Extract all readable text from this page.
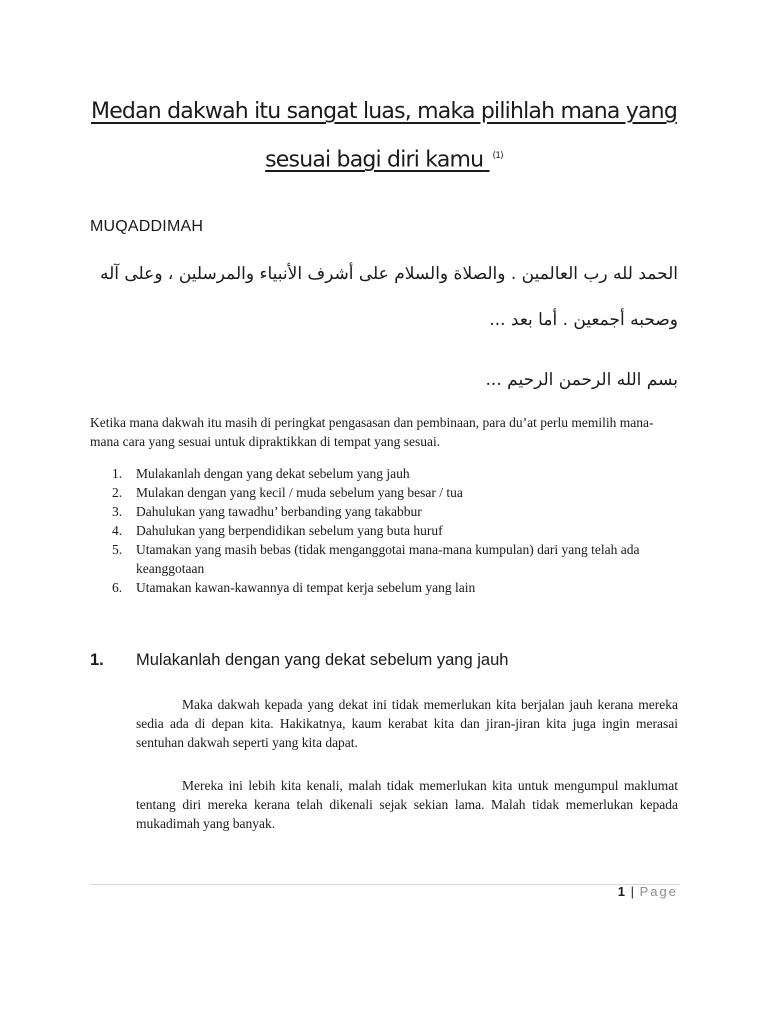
Medan dakwah itu sangat luas, maka pilihlah mana yang
sesuai bagi diri kamu (1)
MUQADDIMAH

الحمد لله رب العالمين . والصلاة والسلام على أشرف الأنبياء والمرسلين ، وعلى آله

وصحبه أجمعين . أما بعد ...

بسم الله الرحمن الرحيم ...

Ketika mana dakwah itu masih di peringkat pengasasan dan pembinaan, para du’at perlu memilih mana-mana cara yang sesuai untuk dipraktikkan di tempat yang sesuai.

1. Mulakanlah dengan yang dekat sebelum yang jauh
2. Mulakan dengan yang kecil / muda sebelum yang besar / tua
3. Dahulukan yang tawadhu’ berbanding yang takabbur
4. Dahulukan yang berpendidikan sebelum yang buta huruf
5. Utamakan yang masih bebas (tidak menganggotai mana-mana kumpulan) dari yang telah ada keanggotaan
6. Utamakan kawan-kawannya di tempat kerja sebelum yang lain
1. Mulakanlah dengan yang dekat sebelum yang jauh

Maka dakwah kepada yang dekat ini tidak memerlukan kita berjalan jauh kerana mereka sedia ada di depan kita. Hakikatnya, kaum kerabat kita dan jiran-jiran kita juga ingin merasai sentuhan dakwah seperti yang kita dapat.

Mereka ini lebih kita kenali, malah tidak memerlukan kita untuk mengumpul maklumat tentang diri mereka kerana telah dikenali sejak sekian lama. Malah tidak memerlukan kepada mukadimah yang banyak.

1 | Page
